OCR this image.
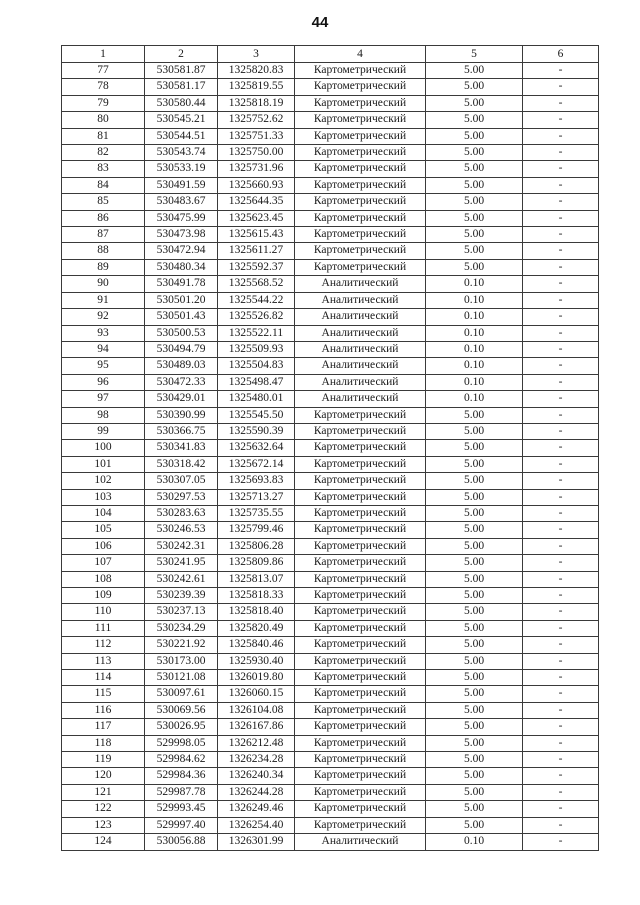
44
1	2	3	4	5	6
77	530581.87	1325820.83	Картометрический	5.00	-
78	530581.17	1325819.55	Картометрический	5.00	-
79	530580.44	1325818.19	Картометрический	5.00	-
80	530545.21	1325752.62	Картометрический	5.00	-
81	530544.51	1325751.33	Картометрический	5.00	-
82	530543.74	1325750.00	Картометрический	5.00	-
83	530533.19	1325731.96	Картометрический	5.00	-
84	530491.59	1325660.93	Картометрический	5.00	-
85	530483.67	1325644.35	Картометрический	5.00	-
86	530475.99	1325623.45	Картометрический	5.00	-
87	530473.98	1325615.43	Картометрический	5.00	-
88	530472.94	1325611.27	Картометрический	5.00	-
89	530480.34	1325592.37	Картометрический	5.00	-
90	530491.78	1325568.52	Аналитический	0.10	-
91	530501.20	1325544.22	Аналитический	0.10	-
92	530501.43	1325526.82	Аналитический	0.10	-
93	530500.53	1325522.11	Аналитический	0.10	-
94	530494.79	1325509.93	Аналитический	0.10	-
95	530489.03	1325504.83	Аналитический	0.10	-
96	530472.33	1325498.47	Аналитический	0.10	-
97	530429.01	1325480.01	Аналитический	0.10	-
98	530390.99	1325545.50	Картометрический	5.00	-
99	530366.75	1325590.39	Картометрический	5.00	-
100	530341.83	1325632.64	Картометрический	5.00	-
101	530318.42	1325672.14	Картометрический	5.00	-
102	530307.05	1325693.83	Картометрический	5.00	-
103	530297.53	1325713.27	Картометрический	5.00	-
104	530283.63	1325735.55	Картометрический	5.00	-
105	530246.53	1325799.46	Картометрический	5.00	-
106	530242.31	1325806.28	Картометрический	5.00	-
107	530241.95	1325809.86	Картометрический	5.00	-
108	530242.61	1325813.07	Картометрический	5.00	-
109	530239.39	1325818.33	Картометрический	5.00	-
110	530237.13	1325818.40	Картометрический	5.00	-
111	530234.29	1325820.49	Картометрический	5.00	-
112	530221.92	1325840.46	Картометрический	5.00	-
113	530173.00	1325930.40	Картометрический	5.00	-
114	530121.08	1326019.80	Картометрический	5.00	-
115	530097.61	1326060.15	Картометрический	5.00	-
116	530069.56	1326104.08	Картометрический	5.00	-
117	530026.95	1326167.86	Картометрический	5.00	-
118	529998.05	1326212.48	Картометрический	5.00	-
119	529984.62	1326234.28	Картометрический	5.00	-
120	529984.36	1326240.34	Картометрический	5.00	-
121	529987.78	1326244.28	Картометрический	5.00	-
122	529993.45	1326249.46	Картометрический	5.00	-
123	529997.40	1326254.40	Картометрический	5.00	-
124	530056.88	1326301.99	Аналитический	0.10	-
